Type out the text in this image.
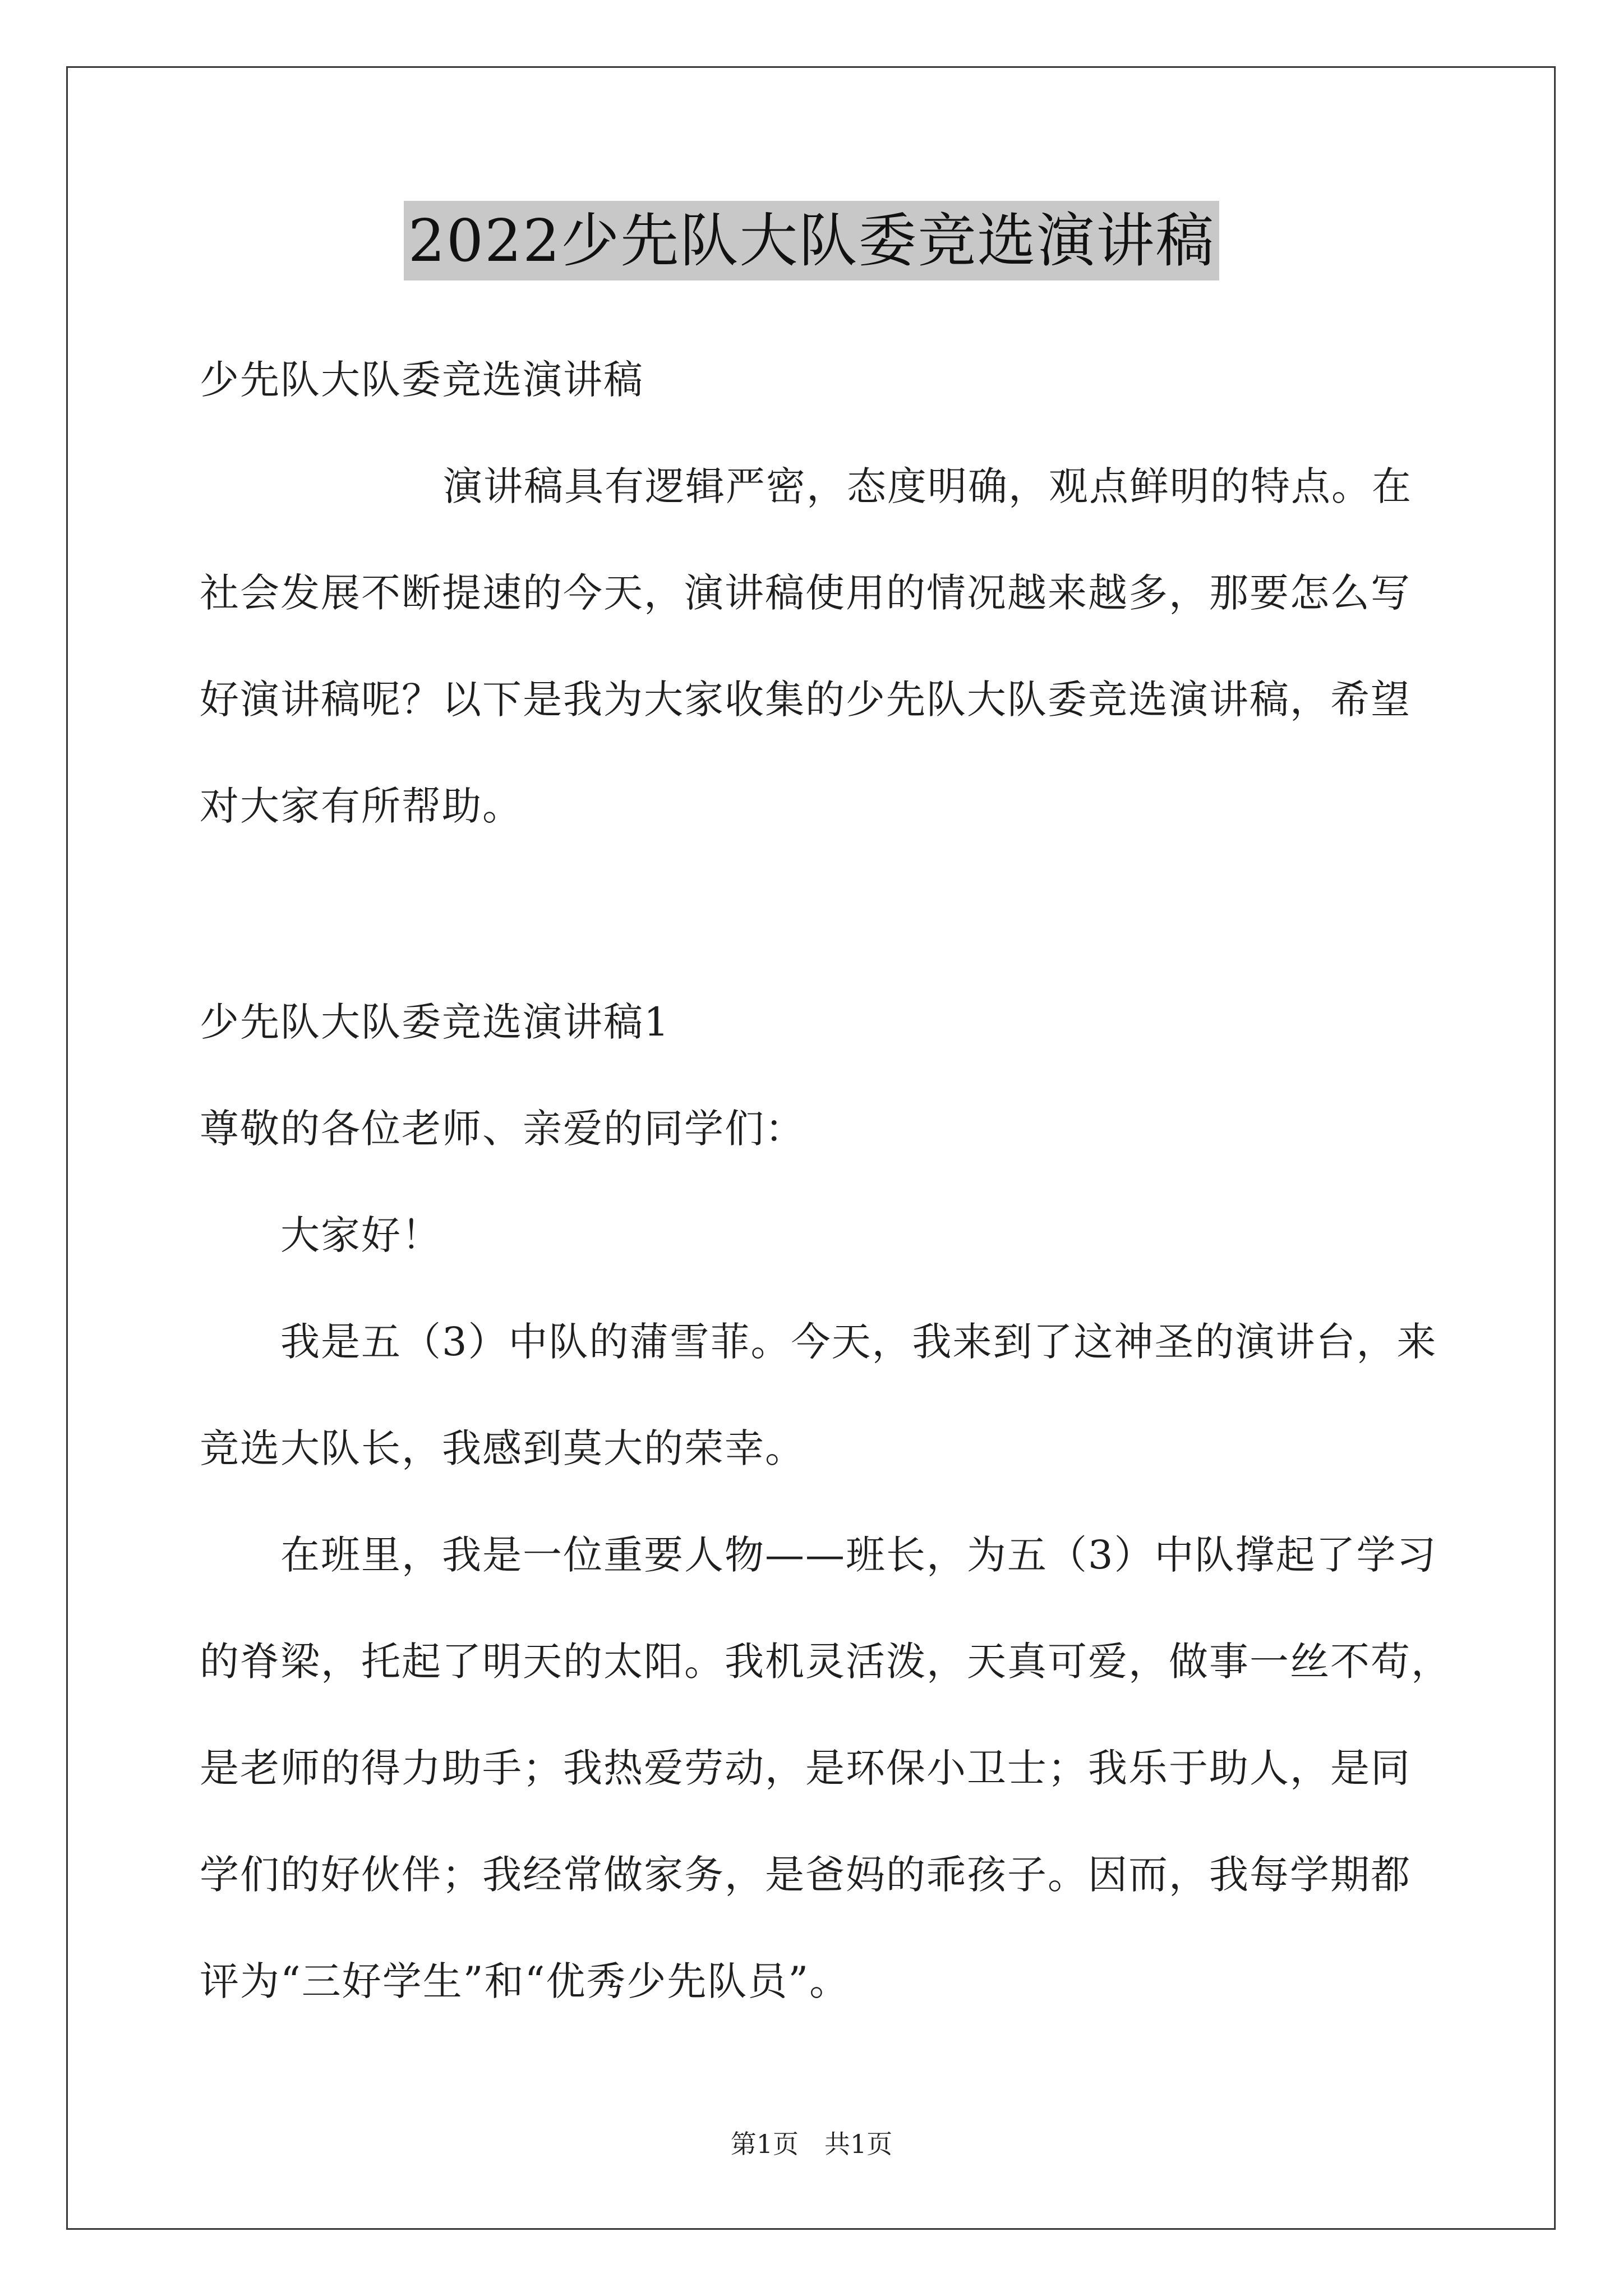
2022少先队大队委竞选演讲稿
少先队大队委竞选演讲稿
演讲稿具有逻辑严密，态度明确，观点鲜明的特点。在
社会发展不断提速的今天，演讲稿使用的情况越来越多，那要怎么写
好演讲稿呢？以下是我为大家收集的少先队大队委竞选演讲稿，希望
对大家有所帮助。
少先队大队委竞选演讲稿1
尊敬的各位老师、亲爱的同学们：
大家好！
我是五（3）中队的蒲雪菲。今天，我来到了这神圣的演讲台，来
竞选大队长，我感到莫大的荣幸。
在班里，我是一位重要人物——班长，为五（3）中队撑起了学习
的脊梁，托起了明天的太阳。我机灵活泼，天真可爱，做事一丝不苟，
是老师的得力助手；我热爱劳动，是环保小卫士；我乐于助人，是同
学们的好伙伴；我经常做家务，是爸妈的乖孩子。因而，我每学期都
评为“三好学生”和“优秀少先队员”。
第1页 共1页
